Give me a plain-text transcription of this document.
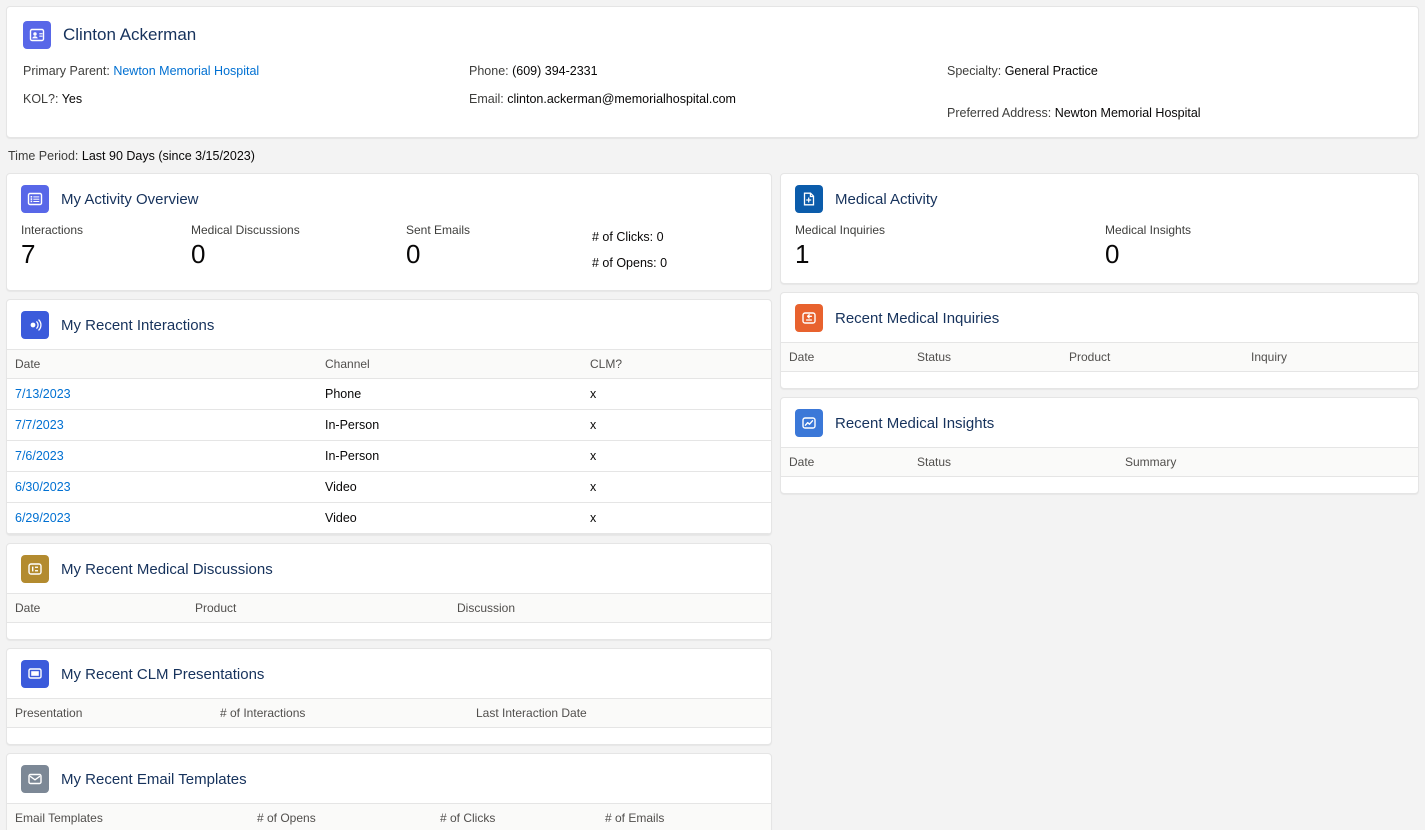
Clinton Ackerman
Primary Parent: Newton Memorial Hospital	Phone: (609) 394-2331	Specialty: General Practice
KOL?: Yes	Email: clinton.ackerman@memorialhospital.com
Preferred Address: Newton Memorial Hospital
Time Period: Last 90 Days (since 3/15/2023)
My Activity Overview
Interactions
7
Medical Discussions
0
Sent Emails
0
# of Clicks: 0
# of Opens: 0
My Recent Interactions
Date	Channel	CLM?
7/13/2023	Phone	x
7/7/2023	In-Person	x
7/6/2023	In-Person	x
6/30/2023	Video	x
6/29/2023	Video	x
My Recent Medical Discussions
Date	Product	Discussion

My Recent CLM Presentations
Presentation	# of Interactions	Last Interaction Date

My Recent Email Templates
Email Templates	# of Opens	# of Clicks	# of Emails

Medical Activity
Medical Inquiries
1
Medical Insights
0
Recent Medical Inquiries
Date	Status	Product	Inquiry

Recent Medical Insights
Date	Status	Summary
